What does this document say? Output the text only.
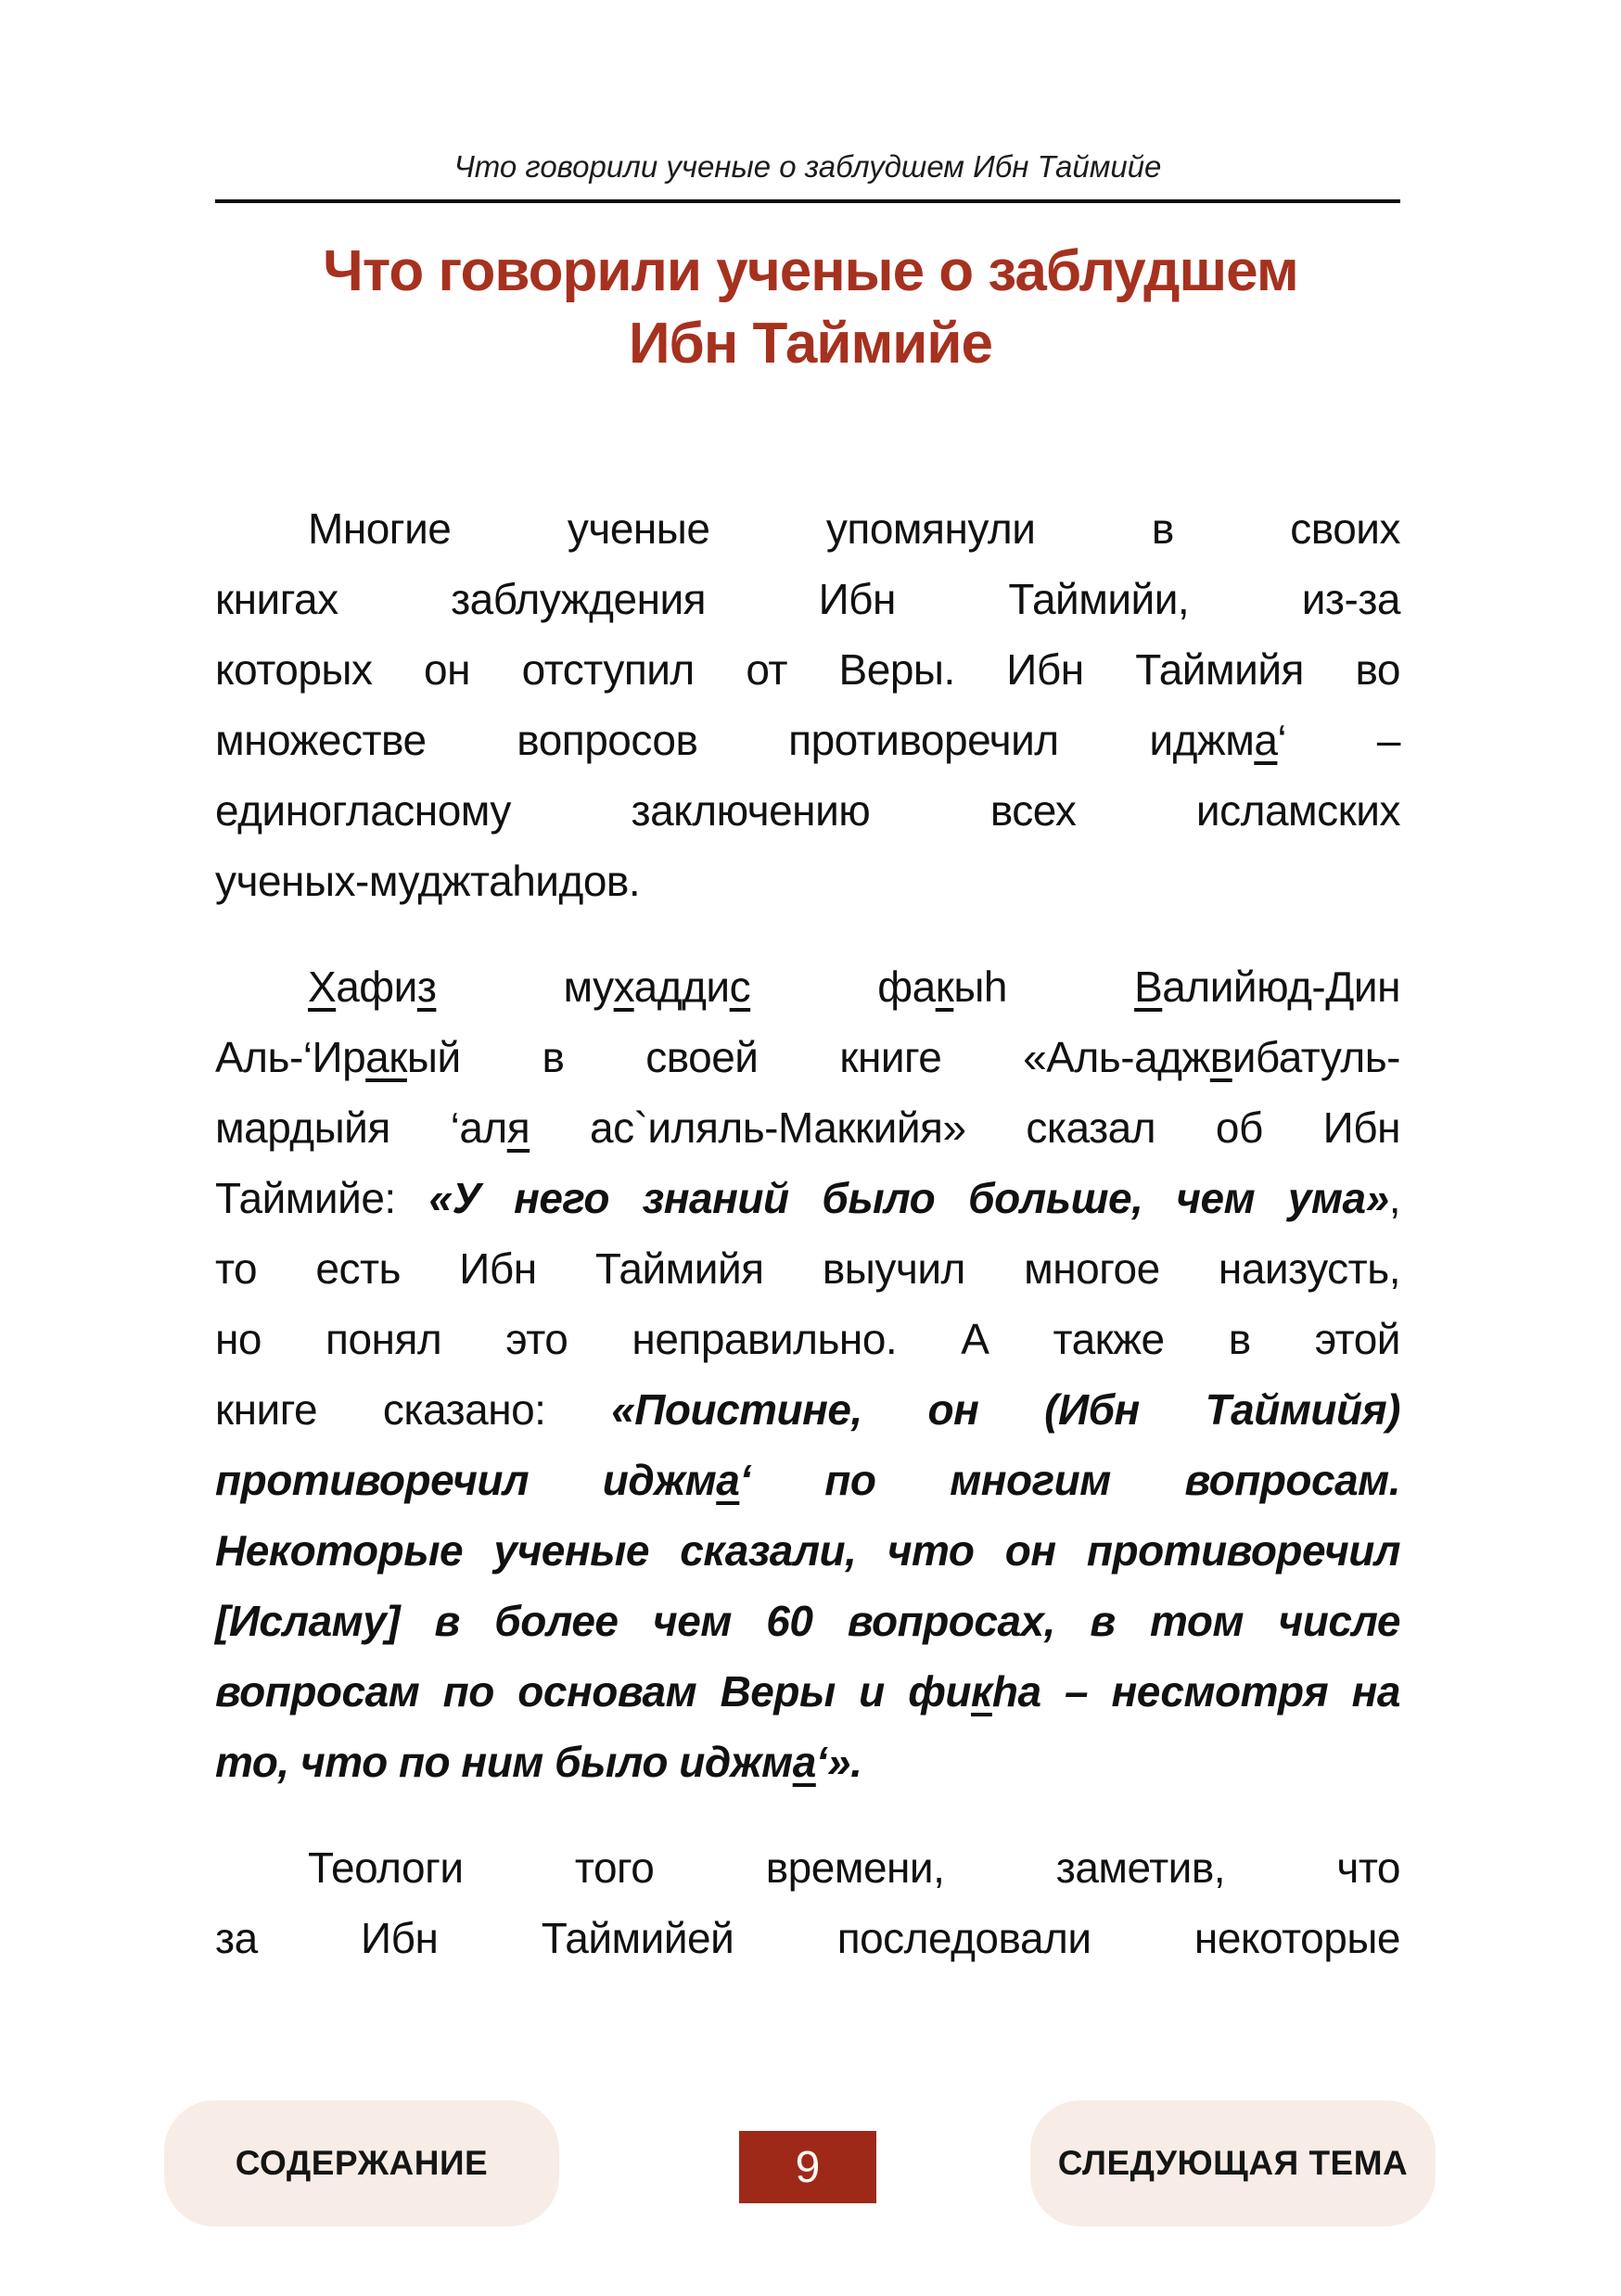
Что говорили ученые о заблудшем Ибн Таймийе
Что говорили ученые о заблудшем
Ибн Таймийе
Многие ученые упомянули в своих
книгах заблуждения Ибн Таймийи, из-за
которых он отступил от Веры. Ибн Таймийя во
множестве вопросов противоречил иджма‘ –
единогласному заключению всех исламских
ученых-муджтаһидов.
Хафиз мухаддис факыһ Валийюд-Дин
Аль-‘Иракый в своей книге «Аль-аджвибатуль-
мардыйя ‘аля ас`иляль-Маккийя» сказал об Ибн
Таймийе: «У него знаний было больше, чем ума»,
то есть Ибн Таймийя выучил многое наизусть,
но понял это неправильно. А также в этой
книге сказано: «Поистине, он (Ибн Таймийя)
противоречил иджма‘ по многим вопросам.
Некоторые ученые сказали, что он противоречил
[Исламу] в более чем 60 вопросах, в том числе
вопросам по основам Веры и фикһа – несмотря на
то, что по ним было иджма‘».
Теологи того времени, заметив, что
за Ибн Таймийей последовали некоторые
СОДЕРЖАНИЕ	9	СЛЕДУЮЩАЯ ТЕМА
